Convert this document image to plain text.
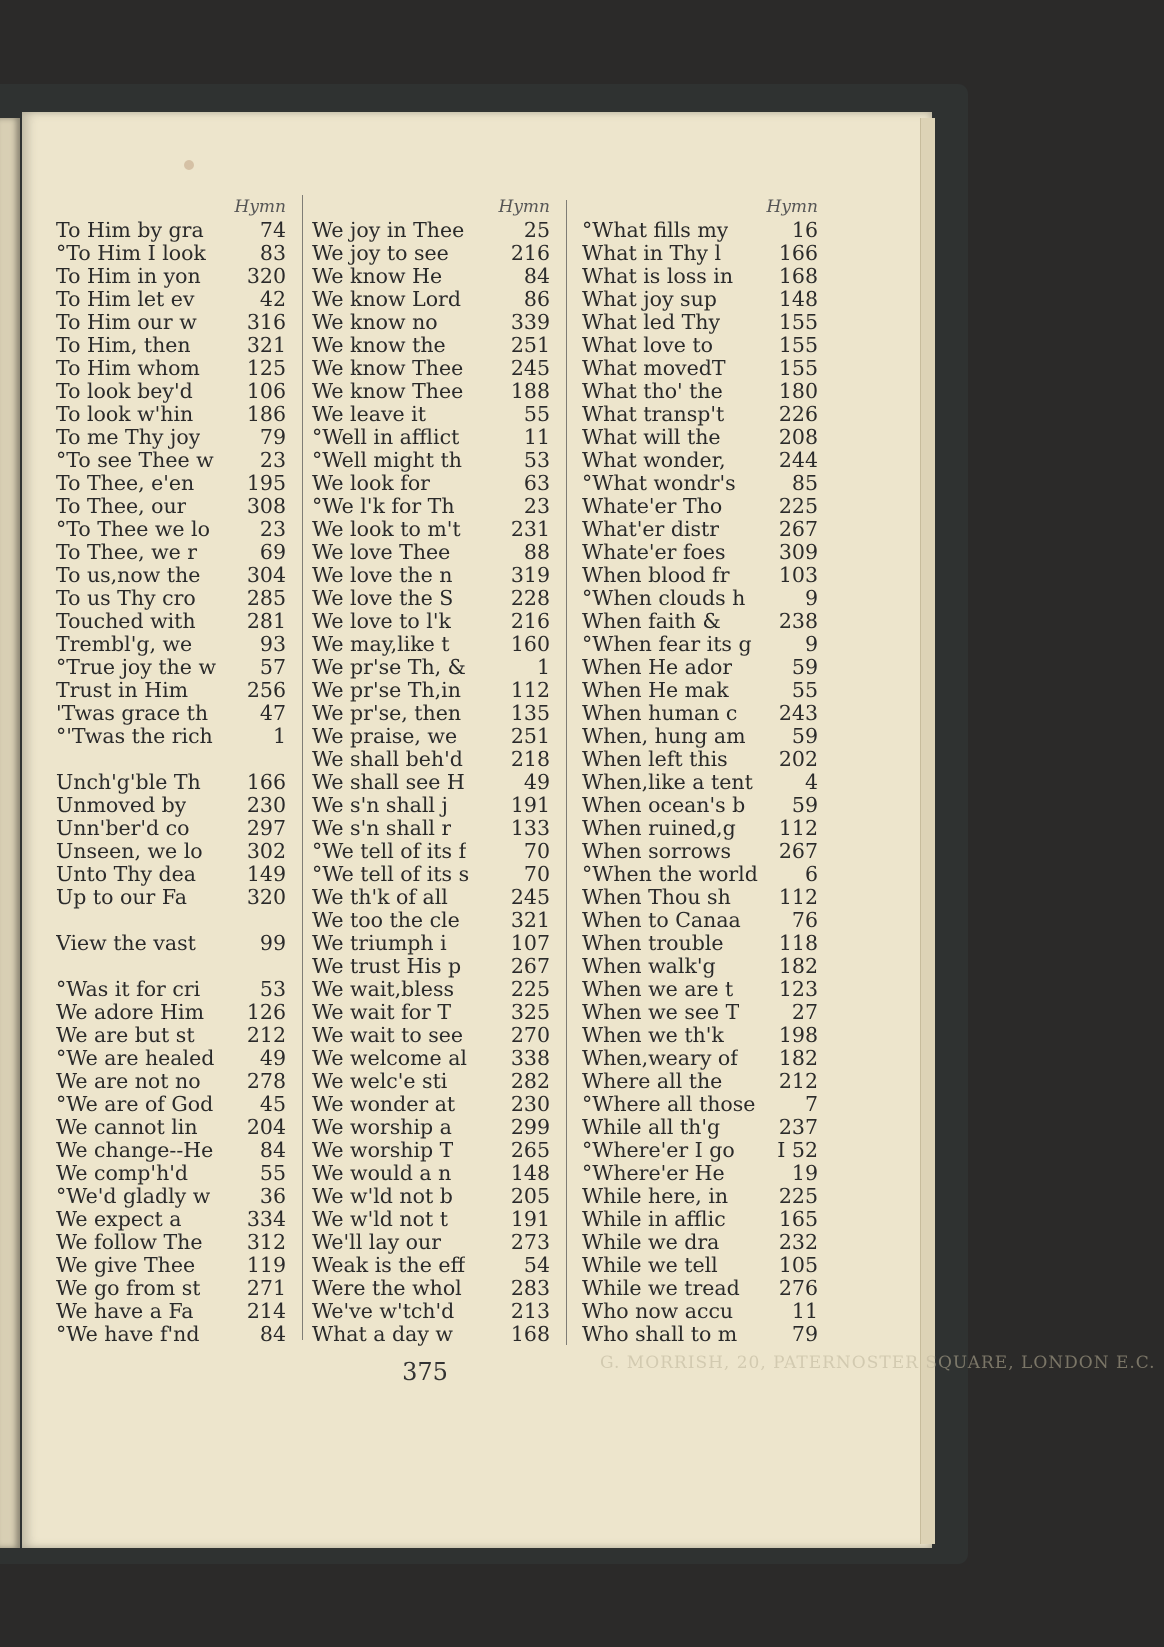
Hymn
To Him by gra	74
°To Him I look	83
To Him in yon 320
To Him let ev	42
To Him our w 316
To Him, then	321
To Him whom 125
To look bey'd	106
To look w'hin	186
To me Thy joy	79
°To see Thee w 23
To Thee, e'en	195
To Thee, our	308
°To Thee we lo 23
To Thee, we r	69
To us,now the 304
To us Thy cro 285
Touched with 281
Trembl'g, we	93
°True joy the w 57
Trust in Him	256
'Twas grace th	47
°'Twas the rich	1
Unch'g'ble Th 166
Unmoved by	230
Unn'ber'd co	297
Unseen, we lo 302
Unto Thy dea 149
Up to our Fa	320
View the vast	99
°Was it for cri	53
We adore Him 126
We are but st	212
°We are healed 49
We are not no 278
°We are of God 45
We cannot lin 204
We change--He 84
We comp'h'd	55
°We'd gladly w 36
We expect a	334
We follow The 312
We give Thee	119
We go from st 271
We have a Fa	214
°We have f'nd	84
Hymn
We joy in Thee	25
We joy to see	216
We know He	84
We know Lord	86
We know no	339
We know the	251
We know Thee 245
We know Thee 188
We leave it	55
°Well in afflict	11
°Well might th	53
We look for	63
°We l'k for Th	23
We look to m't 231
We love Thee	88
We love the n	319
We love the S	228
We love to l'k	216
We may,like t	160
We pr'se Th, &	1
We pr'se Th,in 112
We pr'se, then 135
We praise, we	251
We shall beh'd 218
We shall see H	49
We s'n shall j	191
We s'n shall r	133
°We tell of its f	70
°We tell of its s	70
We th'k of all	245
We too the cle 321
We triumph i	107
We trust His p 267
We wait,bless	225
We wait for T	325
We wait to see 270
We welcome al 338
We welc'e sti	282
We wonder at	230
We worship a	299
We worship T	265
We would a n	148
We w'ld not b	205
We w'ld not t	191
We'll lay our	273
Weak is the eff	54
Were the whol 283
We've w'tch'd	213
What a day w	168
Hymn
°What fills my	16
What in Thy l	166
What is loss in 168
What joy sup	148
What led Thy	155
What love to	155
What movedT	155
What tho' the	180
What transp't	226
What will the	208
What wonder,	244
°What wondr's	85
Whate'er Tho	225
What'er distr	267
Whate'er foes	309
When blood fr 103
°When clouds h	9
When faith &	238
°When fear its g	9
When He ador	59
When He mak	55
When human c 243
When, hung am 59
When left this 202
When,like a tent	4
When ocean's b 59
When ruined,g 112
When sorrows 267
°When the world 6
When Thou sh 112
When to Canaa 76
When trouble	118
When walk'g	182
When we are t 123
When we see T	27
When we th'k	198
When,weary of 182
Where all the	212
°Where all those 7
While all th'g	237
°Where'er I go I 52
°Where'er He	19
While here, in 225
While in afflic	165
While we dra	232
While we tell	105
While we tread 276
Who now accu	11
Who shall to m	79
375	G. MORRISH, 20, PATERNOSTER SQUARE, LONDON E.C.
